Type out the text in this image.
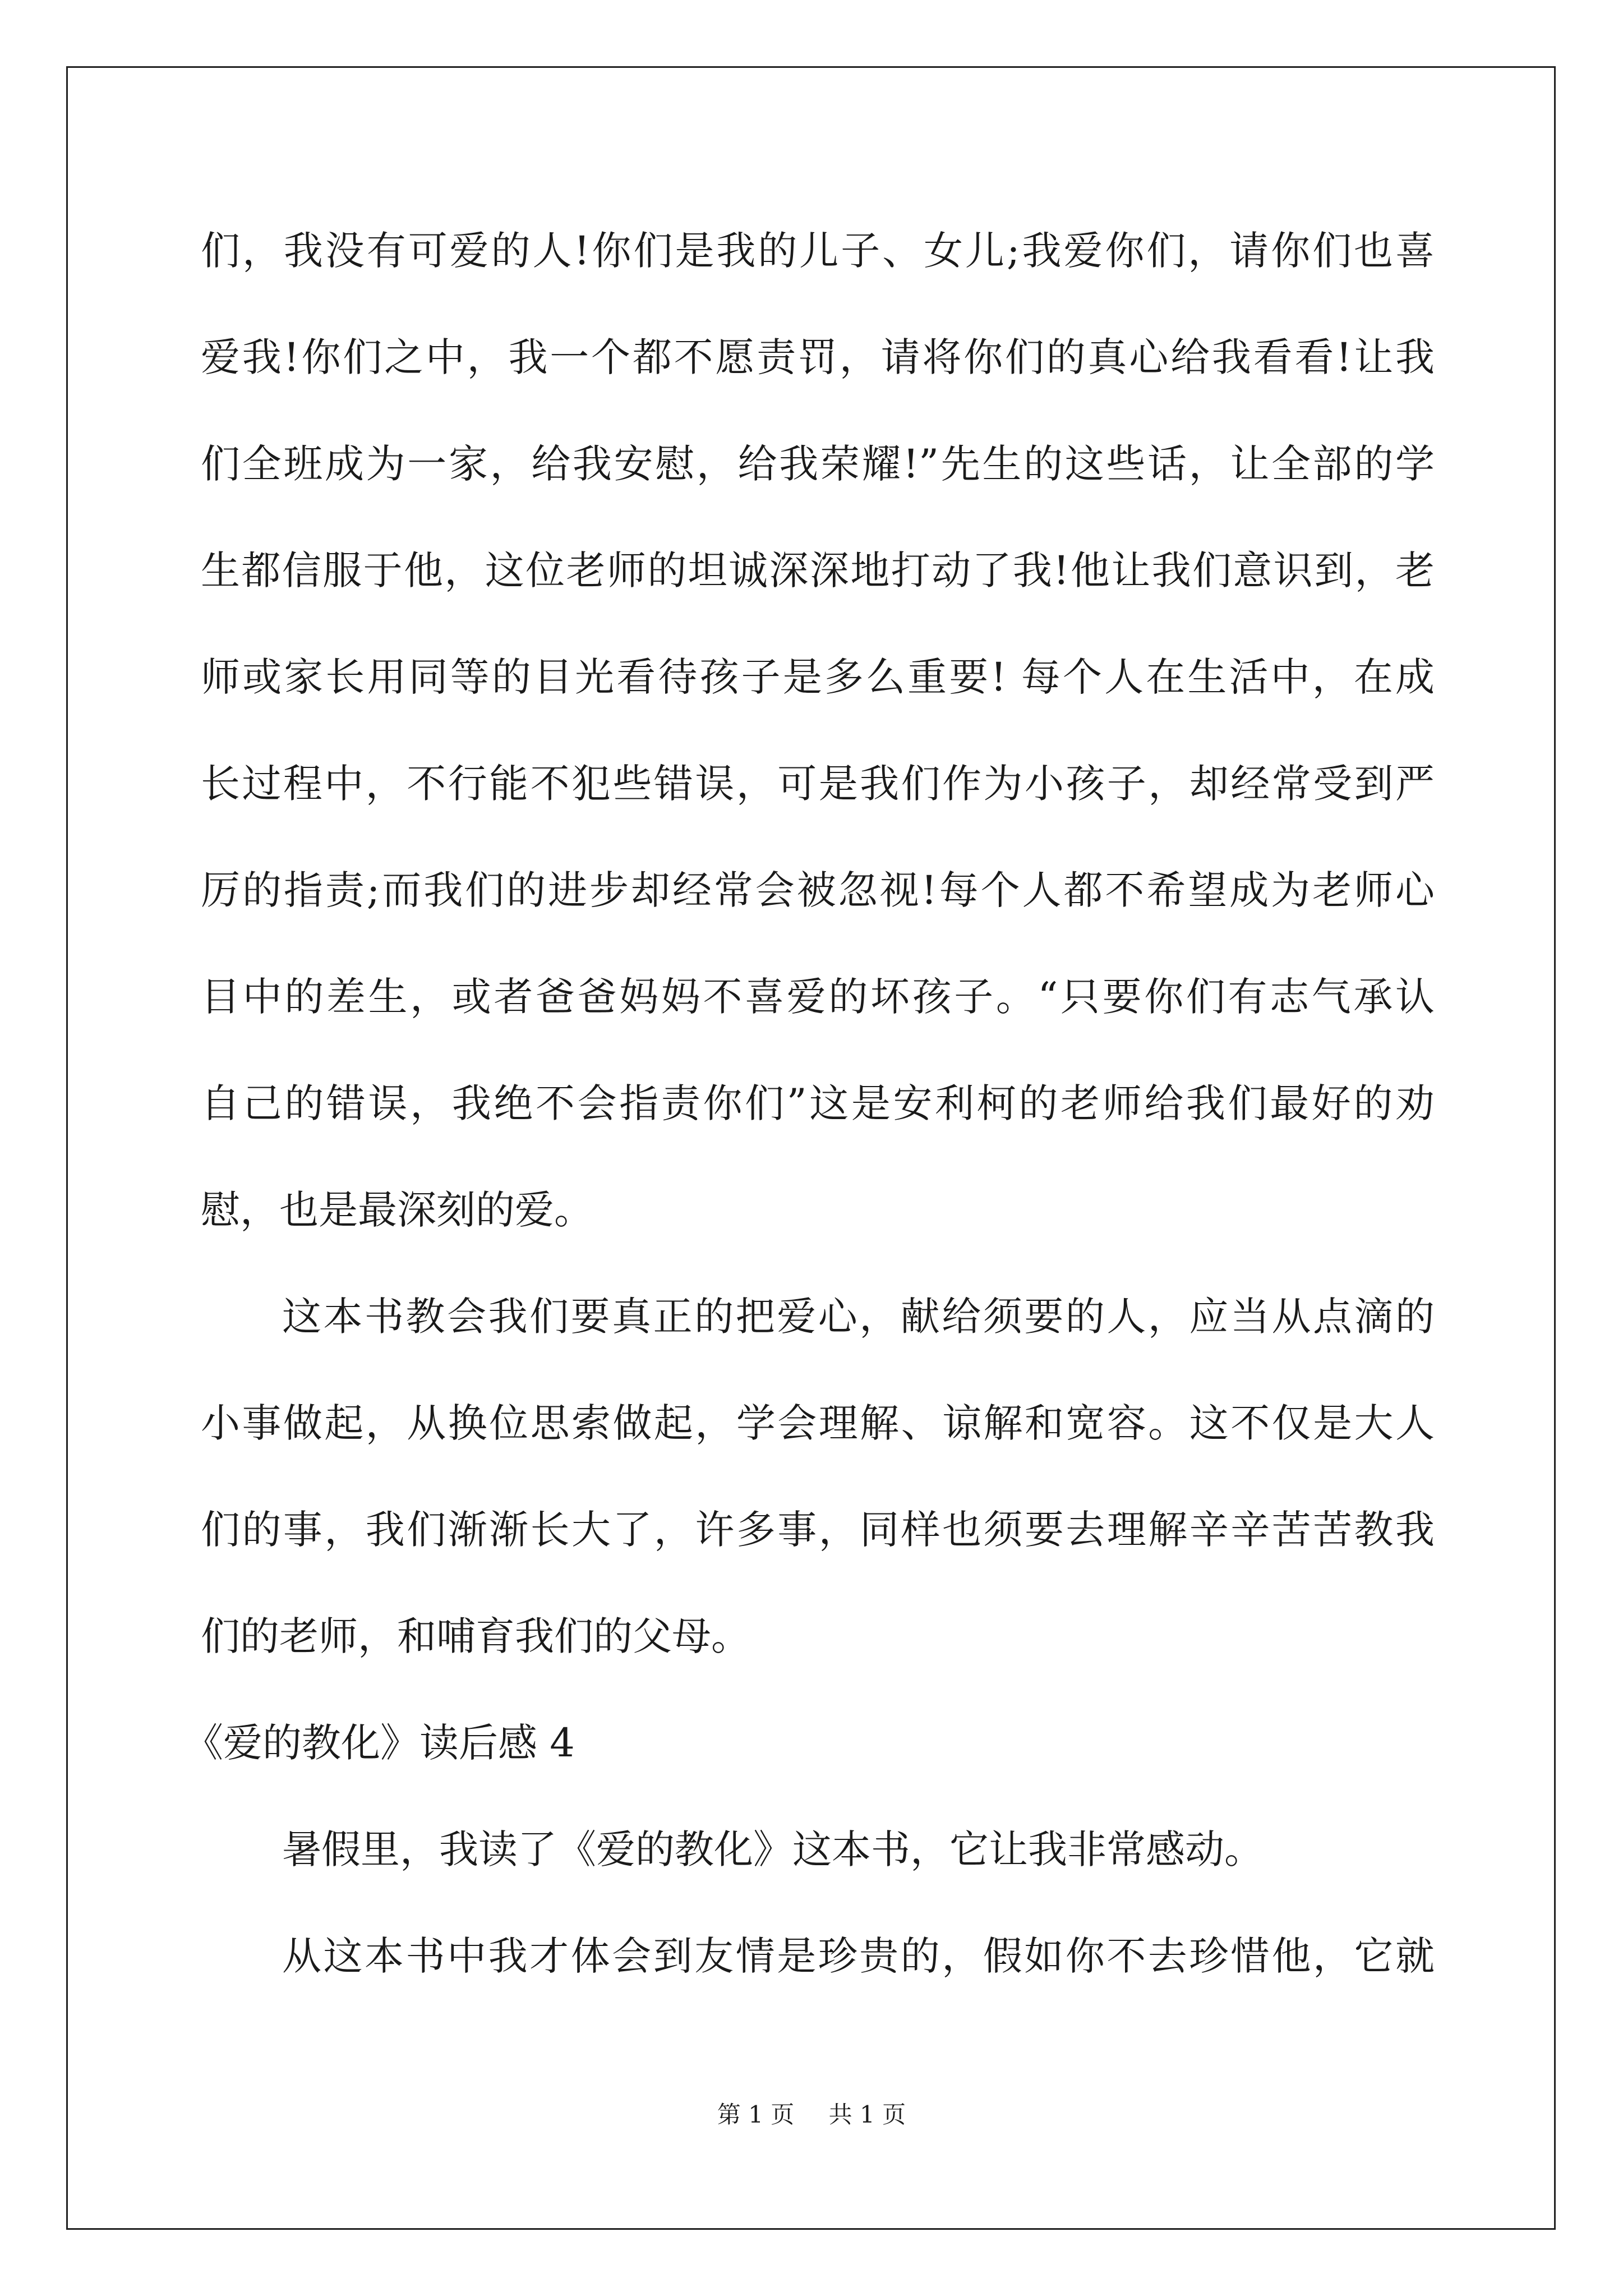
们，我没有可爱的人!你们是我的儿子、女儿;我爱你们，请你们也喜
爱我!你们之中，我一个都不愿责罚，请将你们的真心给我看看!让我
们全班成为一家，给我安慰，给我荣耀!”先生的这些话，让全部的学
生都信服于他，这位老师的坦诚深深地打动了我!他让我们意识到，老
师或家长用同等的目光看待孩子是多么重要! 每个人在生活中，在成
长过程中，不行能不犯些错误，可是我们作为小孩子，却经常受到严
厉的指责;而我们的进步却经常会被忽视!每个人都不希望成为老师心
目中的差生，或者爸爸妈妈不喜爱的坏孩子。“只要你们有志气承认
自己的错误，我绝不会指责你们”这是安利柯的老师给我们最好的劝
慰，也是最深刻的爱。
这本书教会我们要真正的把爱心，献给须要的人，应当从点滴的
小事做起，从换位思索做起，学会理解、谅解和宽容。这不仅是大人
们的事，我们渐渐长大了，许多事，同样也须要去理解辛辛苦苦教我
们的老师，和哺育我们的父母。
《爱的教化》读后感 4
暑假里，我读了《爱的教化》这本书，它让我非常感动。
从这本书中我才体会到友情是珍贵的，假如你不去珍惜他，它就
第 1 页 共 1 页
